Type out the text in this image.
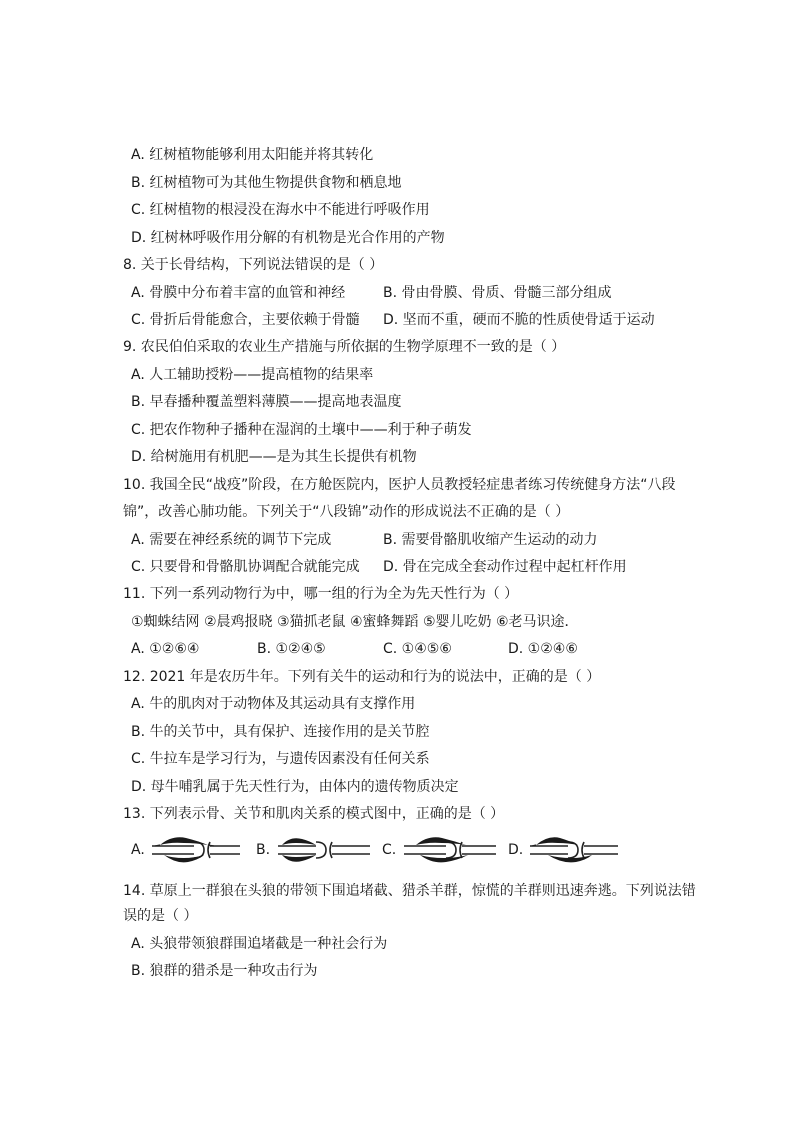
A. 红树植物能够利用太阳能并将其转化
B. 红树植物可为其他生物提供食物和栖息地
C. 红树植物的根浸没在海水中不能进行呼吸作用
D. 红树林呼吸作用分解的有机物是光合作用的产物
8. 关于长骨结构，下列说法错误的是（ ）
A. 骨膜中分布着丰富的血管和神经	B. 骨由骨膜、骨质、骨髓三部分组成
C. 骨折后骨能愈合，主要依赖于骨髓 D. 坚而不重，硬而不脆的性质使骨适于运动
9. 农民伯伯采取的农业生产措施与所依据的生物学原理不一致的是（ ）
A. 人工辅助授粉——提高植物的结果率
B. 早春播种覆盖塑料薄膜——提高地表温度
C. 把农作物种子播种在湿润的土壤中——利于种子萌发
D. 给树施用有机肥——是为其生长提供有机物
10. 我国全民“战疫”阶段，在方舱医院内，医护人员教授轻症患者练习传统健身方法“八段
锦”，改善心肺功能。下列关于“八段锦”动作的形成说法不正确的是（ ）
A. 需要在神经系统的调节下完成	B. 需要骨骼肌收缩产生运动的动力
C. 只要骨和骨骼肌协调配合就能完成 D. 骨在完成全套动作过程中起杠杆作用
11. 下列一系列动物行为中，哪一组的行为全为先天性行为（ ）
①蜘蛛结网 ②晨鸡报晓 ③猫抓老鼠 ④蜜蜂舞蹈 ⑤婴儿吃奶 ⑥老马识途．
A. ①②⑥④	B. ①②④⑤	C. ①④⑤⑥	D. ①②④⑥
12. 2021 年是农历牛年。下列有关牛的运动和行为的说法中，正确的是（ ）
A. 牛的肌肉对于动物体及其运动具有支撑作用
B. 牛的关节中，具有保护、连接作用的是关节腔
C. 牛拉车是学习行为，与遗传因素没有任何关系
D. 母牛哺乳属于先天性行为，由体内的遗传物质决定
13. 下列表示骨、关节和肌肉关系的模式图中，正确的是（ ）
A.	B.	C.	D.
14. 草原上一群狼在头狼的带领下围追堵截、猎杀羊群，惊慌的羊群则迅速奔逃。下列说法错
误的是（ ）
A. 头狼带领狼群围追堵截是一种社会行为
B. 狼群的猎杀是一种攻击行为
